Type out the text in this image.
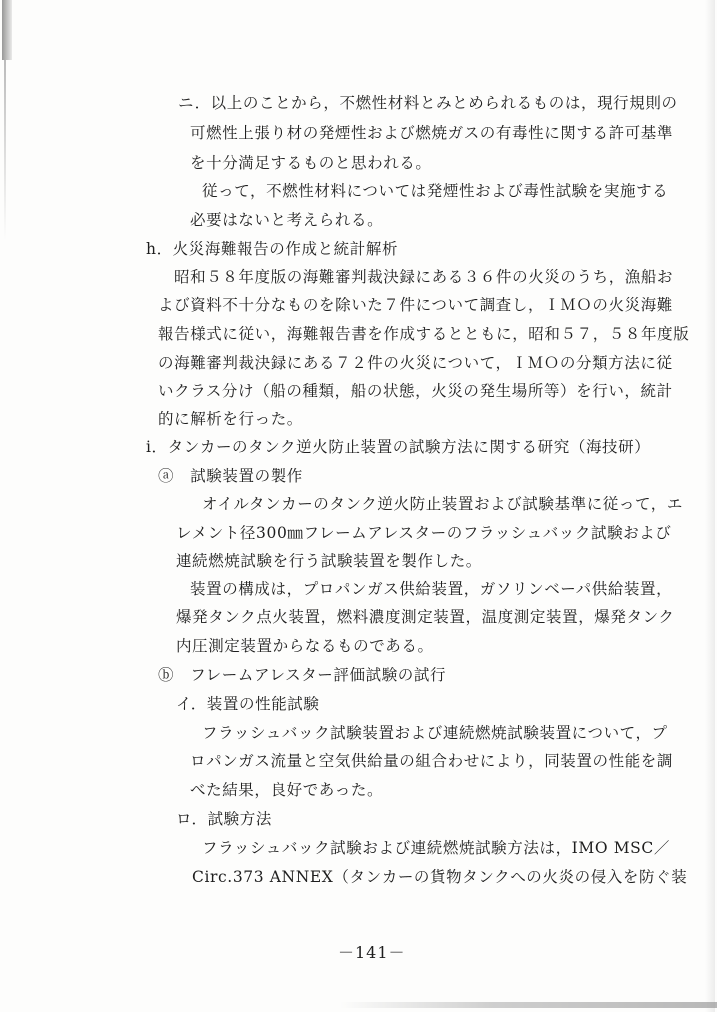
ニ．以上のことから，不燃性材料とみとめられるものは，現行規則の
可燃性上張り材の発煙性および燃焼ガスの有毒性に関する許可基準
を十分満足するものと思われる。
従って，不燃性材料については発煙性および毒性試験を実施する
必要はないと考えられる。
h．火災海難報告の作成と統計解析
昭和５８年度版の海難審判裁決録にある３６件の火災のうち，漁船お
よび資料不十分なものを除いた７件について調査し，ＩＭＯの火災海難
報告様式に従い，海難報告書を作成するとともに，昭和５７，５８年度版
の海難審判裁決録にある７２件の火災について，ＩＭＯの分類方法に従
いクラス分け（船の種類，船の状態，火災の発生場所等）を行い，統計
的に解析を行った。
i．タンカーのタンク逆火防止装置の試験方法に関する研究（海技研）
ⓐ　試験装置の製作
オイルタンカーのタンク逆火防止装置および試験基準に従って，エ
レメント径300㎜フレームアレスターのフラッシュバック試験および
連続燃焼試験を行う試験装置を製作した。
装置の構成は，プロパンガス供給装置，ガソリンベーパ供給装置，
爆発タンク点火装置，燃料濃度測定装置，温度測定装置，爆発タンク
内圧測定装置からなるものである。
ⓑ　フレームアレスター評価試験の試行
イ．装置の性能試験
フラッシュバック試験装置および連続燃焼試験装置について，プ
ロパンガス流量と空気供給量の組合わせにより，同装置の性能を調
べた結果，良好であった。
ロ．試験方法
フラッシュバック試験および連続燃焼試験方法は，IMO MSC／
Circ.373 ANNEX（タンカーの貨物タンクへの火炎の侵入を防ぐ装
－141－
